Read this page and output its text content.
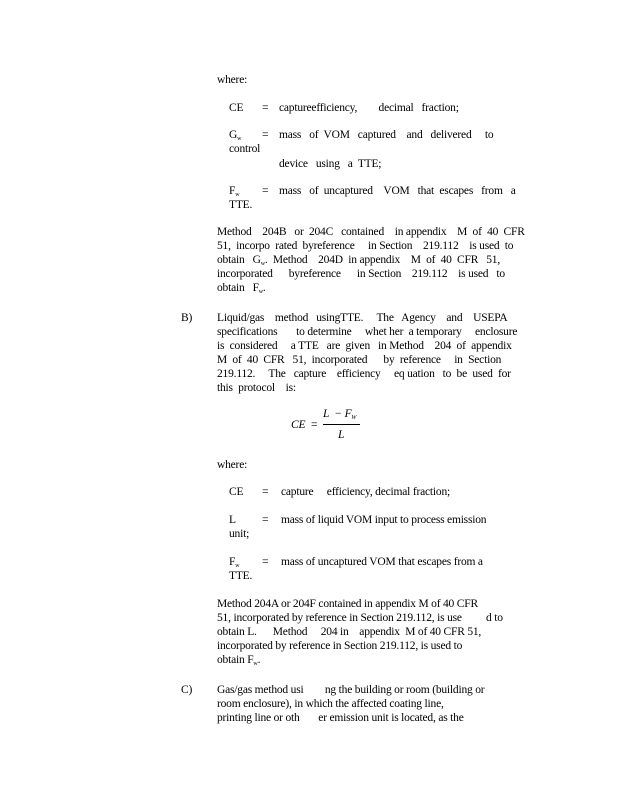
where:
CE = captureefficiency,        decimal   fraction;
$G_w$ = mass   of  VOM   captured    and   delivered     to
control
device   using   a  TTE;
$F_w$ = mass   of  uncaptured    VOM   that  escapes   from   a
TTE.
Method    204B   or  204C   contained    in appendix    M  of  40  CFR
51,  incorpo  rated  byreference     in Section    219.112    is used  to
obtain   $G_w$.  Method    204D  in appendix    M  of  40  CFR   51,
incorporated      byreference      in Section    219.112    is used   to
obtain   $F_w$.
B) Liquid/gas    method   usingTTE.     The   Agency    and    USEPA
specifications       to determine     whet her  a temporary     enclosure
is  considered     a TTE   are  given   in Method    204  of  appendix
M  of  40  CFR   51,  incorporated      by  reference     in  Section
219.112.     The   capture    efficiency     eq uation   to  be  used  for
this  protocol    is:
CE =
$L - F_W$
L
where:
CE = capture     efficiency, decimal fraction;
L = mass of liquid VOM input to process emission
unit;
$F_w$ = mass of uncaptured VOM that escapes from a
TTE.
Method 204A or 204F contained in appendix M of 40 CFR
51, incorporated by reference in Section 219.112, is use d to
obtain L.      Method     204 in    appendix  M of 40 CFR 51,
incorporated by reference in Section 219.112, is used to
obtain $F_w$.
C) Gas/gas method usi        ng the building or room (building or
room enclosure), in which the affected coating line,
printing line or oth       er emission unit is located, as the
